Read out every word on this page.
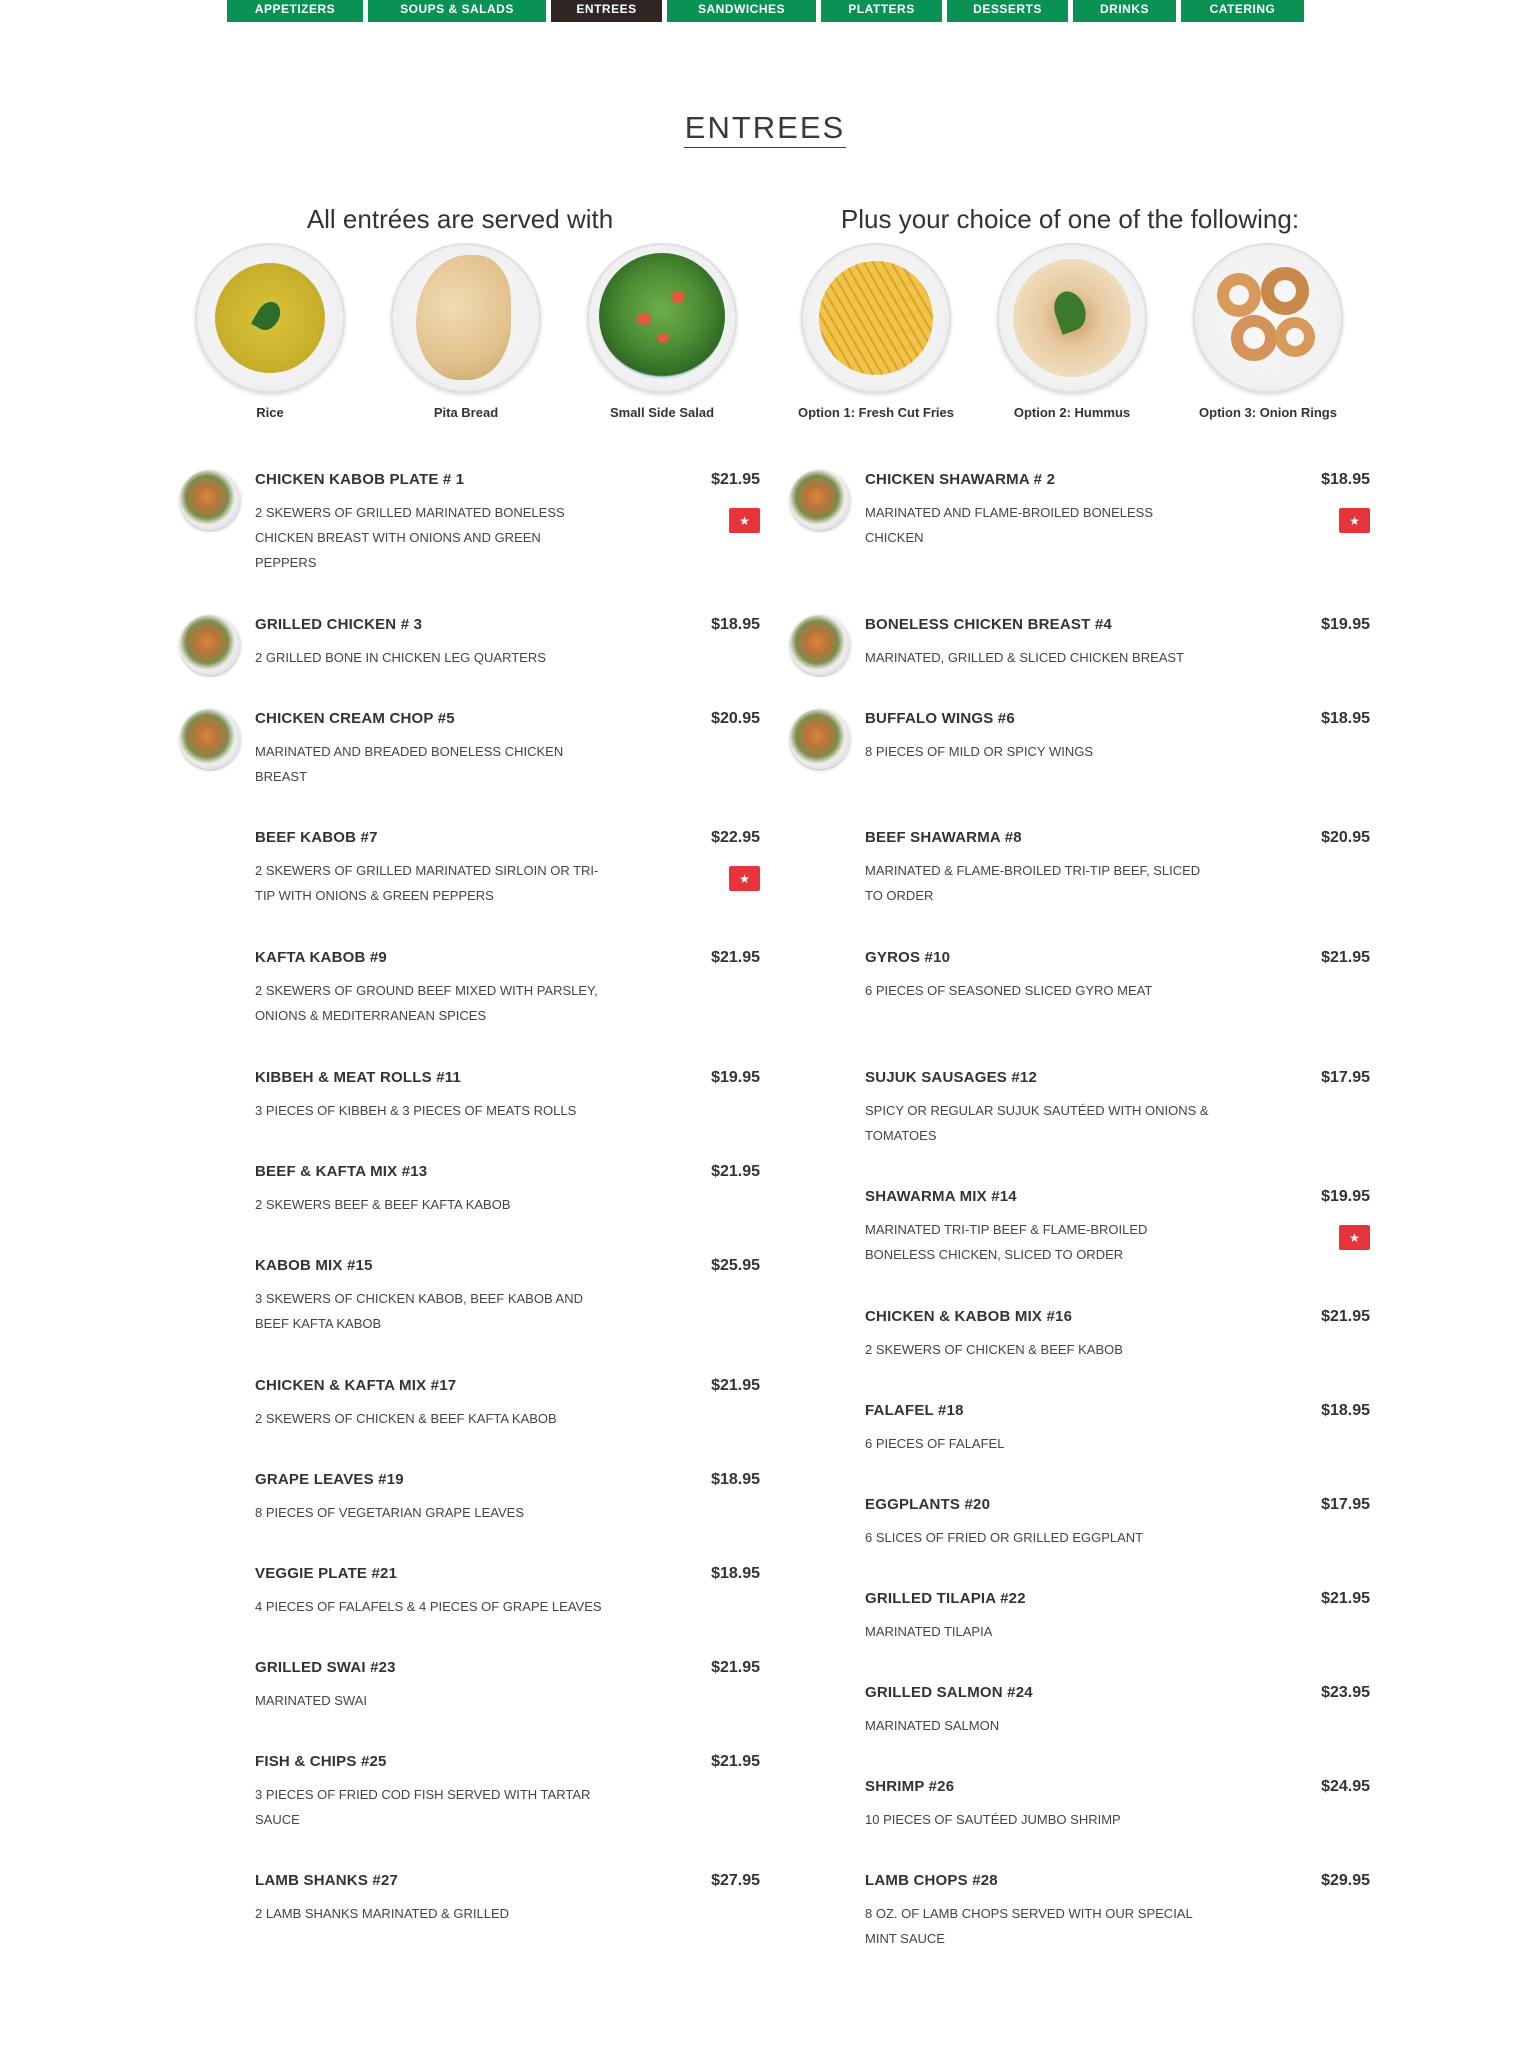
APPETIZERS	SOUPS & SALADS	ENTREES	SANDWICHES	PLATTERS	DESSERTS	DRINKS	CATERING
ENTREES
All entrées are served with	Plus your choice of one of the following:
Rice	Pita Bread	Small Side Salad	Option 1: Fresh Cut Fries	Option 2: Hummus	Option 3: Onion Rings
CHICKEN KABOB PLATE # 1	$21.95
2 SKEWERS OF GRILLED MARINATED BONELESS CHICKEN BREAST WITH ONIONS AND GREEN PEPPERS
★
GRILLED CHICKEN # 3	$18.95
2 GRILLED BONE IN CHICKEN LEG QUARTERS
CHICKEN CREAM CHOP #5	$20.95
MARINATED AND BREADED BONELESS CHICKEN BREAST
BEEF KABOB #7	$22.95
2 SKEWERS OF GRILLED MARINATED SIRLOIN OR TRI-TIP WITH ONIONS & GREEN PEPPERS
★
KAFTA KABOB #9	$21.95
2 SKEWERS OF GROUND BEEF MIXED WITH PARSLEY, ONIONS & MEDITERRANEAN SPICES
KIBBEH & MEAT ROLLS #11	$19.95
3 PIECES OF KIBBEH & 3 PIECES OF MEATS ROLLS
BEEF & KAFTA MIX #13	$21.95
2 SKEWERS BEEF & BEEF KAFTA KABOB
KABOB MIX #15	$25.95
3 SKEWERS OF CHICKEN KABOB, BEEF KABOB AND BEEF KAFTA KABOB
CHICKEN & KAFTA MIX #17	$21.95
2 SKEWERS OF CHICKEN & BEEF KAFTA KABOB
GRAPE LEAVES #19	$18.95
8 PIECES OF VEGETARIAN GRAPE LEAVES
VEGGIE PLATE #21	$18.95
4 PIECES OF FALAFELS & 4 PIECES OF GRAPE LEAVES
GRILLED SWAI #23	$21.95
MARINATED SWAI
FISH & CHIPS #25	$21.95
3 PIECES OF FRIED COD FISH SERVED WITH TARTAR SAUCE
LAMB SHANKS #27	$27.95
2 LAMB SHANKS MARINATED & GRILLED
CHICKEN SHAWARMA # 2	$18.95
MARINATED AND FLAME-BROILED BONELESS CHICKEN
★
BONELESS CHICKEN BREAST #4	$19.95
MARINATED, GRILLED & SLICED CHICKEN BREAST
BUFFALO WINGS #6	$18.95
8 PIECES OF MILD OR SPICY WINGS
BEEF SHAWARMA #8	$20.95
MARINATED & FLAME-BROILED TRI-TIP BEEF, SLICED TO ORDER
GYROS #10	$21.95
6 PIECES OF SEASONED SLICED GYRO MEAT
SUJUK SAUSAGES #12	$17.95
SPICY OR REGULAR SUJUK SAUTÉED WITH ONIONS & TOMATOES
SHAWARMA MIX #14	$19.95
MARINATED TRI-TIP BEEF & FLAME-BROILED BONELESS CHICKEN, SLICED TO ORDER
★
CHICKEN & KABOB MIX #16	$21.95
2 SKEWERS OF CHICKEN & BEEF KABOB
FALAFEL #18	$18.95
6 PIECES OF FALAFEL
EGGPLANTS #20	$17.95
6 SLICES OF FRIED OR GRILLED EGGPLANT
GRILLED TILAPIA #22	$21.95
MARINATED TILAPIA
GRILLED SALMON #24	$23.95
MARINATED SALMON
SHRIMP #26	$24.95
10 PIECES OF SAUTÉED JUMBO SHRIMP
LAMB CHOPS #28	$29.95
8 OZ. OF LAMB CHOPS SERVED WITH OUR SPECIAL MINT SAUCE
